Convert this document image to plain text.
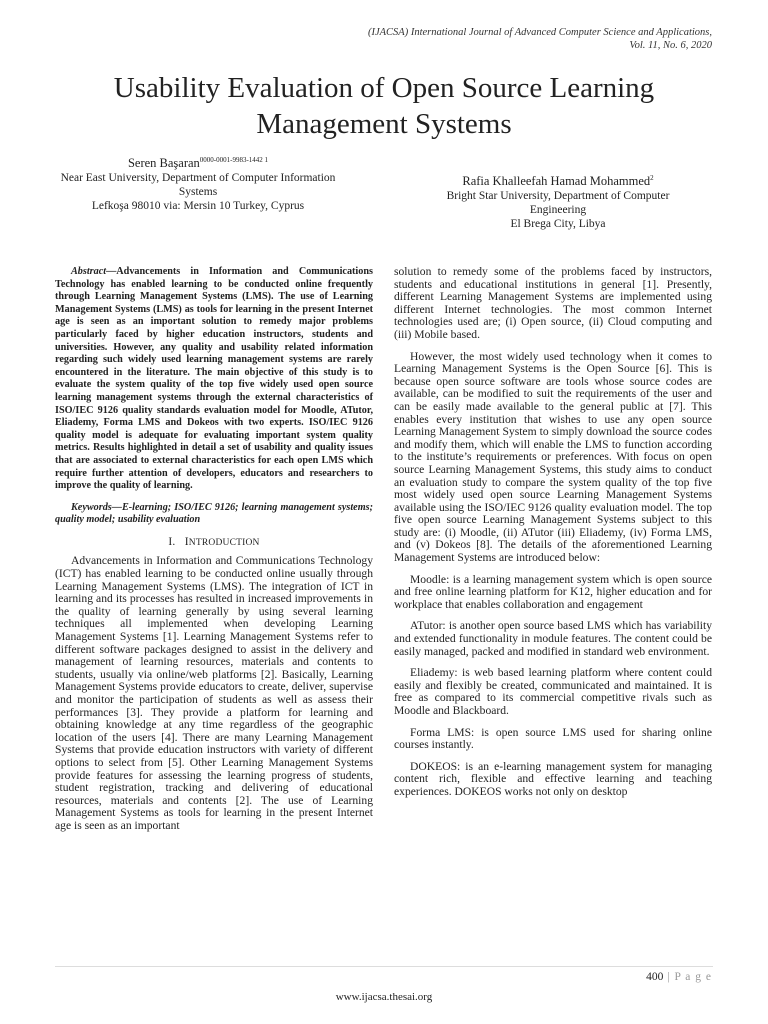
(IJACSA) International Journal of Advanced Computer Science and Applications,
Vol. 11, No. 6, 2020
Usability Evaluation of Open Source Learning
Management Systems
Seren Başaran$^{0000-0001-9983-1442 1}$
Near East University, Department of Computer Information
Systems
Lefkoşa 98010 via: Mersin 10 Turkey, Cyprus
Rafia Khalleefah Hamad Mohammed$^2$
Bright Star University, Department of Computer
Engineering
El Brega City, Libya

Abstract—Advancements in Information and Communications Technology has enabled learning to be conducted online frequently through Learning Management Systems (LMS). The use of Learning Management Systems (LMS) as tools for learning in the present Internet age is seen as an important solution to remedy major problems particularly faced by higher education instructors, students and universities. However, any quality and usability related information regarding such widely used learning management systems are rarely encountered in the literature. The main objective of this study is to evaluate the system quality of the top five widely used open source learning management systems through the external characteristics of ISO/IEC 9126 quality standards evaluation model for Moodle, ATutor, Eliademy, Forma LMS and Dokeos with two experts. ISO/IEC 9126 quality model is adequate for evaluating important system quality metrics. Results highlighted in detail a set of usability and quality issues that are associated to external characteristics for each open LMS which require further attention of developers, educators and researchers to improve the quality of learning.

Keywords—E-learning; ISO/IEC 9126; learning management systems; quality model; usability evaluation

I. INTRODUCTION

Advancements in Information and Communications Technology (ICT) has enabled learning to be conducted online usually through Learning Management Systems (LMS). The integration of ICT in learning and its processes has resulted in increased improvements in the quality of learning generally by using several learning techniques all implemented when developing Learning Management Systems [1]. Learning Management Systems refer to different software packages designed to assist in the delivery and management of learning resources, materials and contents to students, usually via online/web platforms [2]. Basically, Learning Management Systems provide educators to create, deliver, supervise and monitor the participation of students as well as assess their performances [3]. They provide a platform for learning and obtaining knowledge at any time regardless of the geographic location of the users [4]. There are many Learning Management Systems that provide education instructors with variety of different options to select from [5]. Other Learning Management Systems provide features for assessing the learning progress of students, student registration, tracking and delivering of educational resources, materials and contents [2]. The use of Learning Management Systems as tools for learning in the present Internet age is seen as an important

solution to remedy some of the problems faced by instructors, students and educational institutions in general [1]. Presently, different Learning Management Systems are implemented using different Internet technologies. The most common Internet technologies used are; (i) Open source, (ii) Cloud computing and (iii) Mobile based.

However, the most widely used technology when it comes to Learning Management Systems is the Open Source [6]. This is because open source software are tools whose source codes are available, can be modified to suit the requirements of the user and can be easily made available to the general public at [7]. This enables every institution that wishes to use any open source Learning Management System to simply download the source codes and modify them, which will enable the LMS to function according to the institute’s requirements or preferences. With focus on open source Learning Management Systems, this study aims to conduct an evaluation study to compare the system quality of the top five most widely used open source Learning Management Systems available using the ISO/IEC 9126 quality evaluation model. The top five open source Learning Management Systems subject to this study are: (i) Moodle, (ii) ATutor (iii) Eliademy, (iv) Forma LMS, and (v) Dokeos [8]. The details of the aforementioned Learning Management Systems are introduced below:

Moodle: is a learning management system which is open source and free online learning platform for K12, higher education and for workplace that enables collaboration and engagement

ATutor: is another open source based LMS which has variability and extended functionality in module features. The content could be easily managed, packed and modified in standard web environment.

Eliademy: is web based learning platform where content could easily and flexibly be created, communicated and maintained. It is free as compared to its commercial competitive rivals such as Moodle and Blackboard.

Forma LMS: is open source LMS used for sharing online courses instantly.

DOKEOS: is an e-learning management system for managing content rich, flexible and effective learning and teaching experiences. DOKEOS works not only on desktop

400 | P a g e
www.ijacsa.thesai.org
